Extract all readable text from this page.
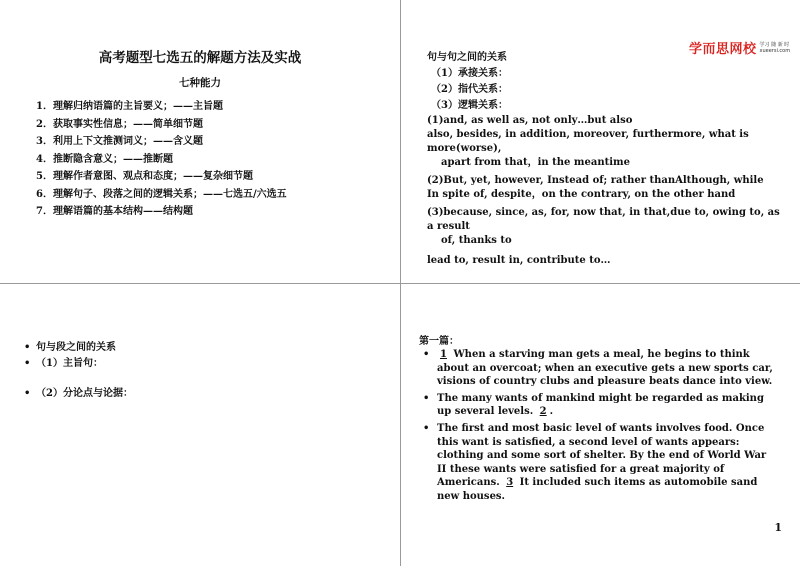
高考题型七选五的解题方法及实战
七种能力
1．理解归纳语篇的主旨要义；——主旨题
2．获取事实性信息；——简单细节题
3．利用上下文推测词义；——含义题
4．推断隐含意义；——推断题
5．理解作者意图、观点和态度；——复杂细节题
6．理解句子、段落之间的逻辑关系；——七选五/六选五
7．理解语篇的基本结构——结构题
学而思网校 学习 随 新 时
xueersi.com
句与句之间的关系
（1）承接关系：
（2）指代关系：
（3）逻辑关系：
(1)and, as well as, not only…but also
also, besides, in addition, moreover, furthermore, what is more(worse),
apart from that，in the meantime
(2)But, yet, however, Instead of; rather thanAlthough, while
In spite of, despite，on the contrary, on the other hand
(3)because, since, as, for, now that, in that,due to, owing to, as a result
of, thanks to
lead to, result in, contribute to…
• 句与段之间的关系
• （1）主旨句：
• （2）分论点与论据：
第一篇：
• 1 When a starving man gets a meal, he begins to think about an overcoat; when an executive gets a new sports car, visions of country clubs and pleasure beats dance into view.
• The many wants of mankind might be regarded as making up several levels. 2 .
• The first and most basic level of wants involves food. Once this want is satisfied, a second level of wants appears: clothing and some sort of shelter. By the end of World War II these wants were satisfied for a great majority of Americans. 3 It included such items as automobile sand new houses.
1
